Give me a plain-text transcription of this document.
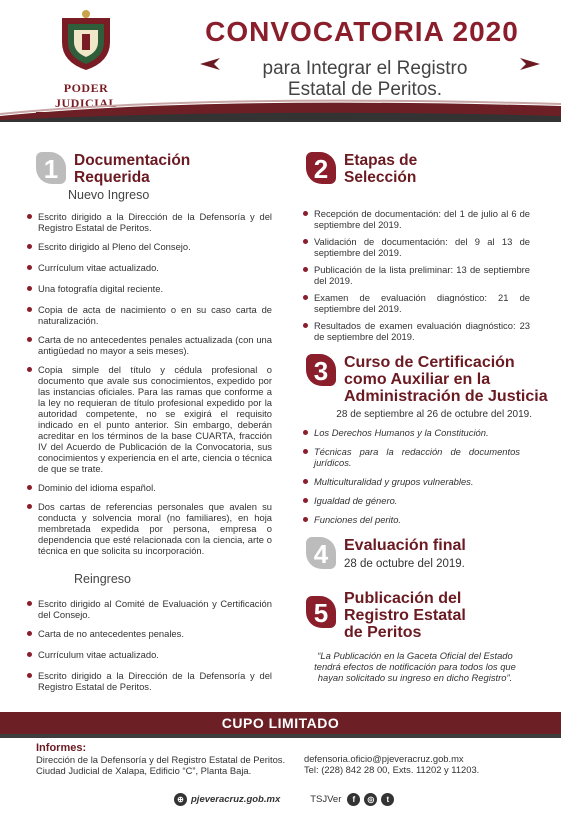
PODER JUDICIAL
CONVOCATORIA 2020
para Integrar el Registro
Estatal de Peritos.
1	Documentación
Requerida
Nuevo Ingreso
Escrito dirigido a la Dirección de la Defensoría y del Registro Estatal de Peritos.
Escrito dirigido al Pleno del Consejo.
Currículum vitae actualizado.
Una fotografía digital reciente.
Copia de acta de nacimiento o en su caso carta de naturalización.
Carta de no antecedentes penales actualizada (con una antigüedad no mayor a seis meses).
Copia simple del título y cédula profesional o documento que avale sus conocimientos, expedido por las instancias oficiales. Para las ramas que conforme a la ley no requieran de título profesional expedido por la autoridad competente, no se exigirá el requisito indicado en el punto anterior. Sin embargo, deberán acreditar en los términos de la base CUARTA, fracción IV del Acuerdo de Publicación de la Convocatoria, sus conocimientos y experiencia en el arte, ciencia o técnica de que se trate.
Dominio del idioma español.
Dos cartas de referencias personales que avalen su conducta y solvencia moral (no familiares), en hoja membretada expedida por persona, empresa o dependencia que esté relacionada con la ciencia, arte o técnica en que solicita su incorporación.
Reingreso
Escrito dirigido al Comité de Evaluación y Certificación del Consejo.
Carta de no antecedentes penales.
Currículum vitae actualizado.
Escrito dirigido a la Dirección de la Defensoría y del Registro Estatal de Peritos.
2	Etapas de
Selección
Recepción de documentación: del 1 de julio al 6 de septiembre del 2019.
Validación de documentación: del 9 al 13 de septiembre del 2019.
Publicación de la lista preliminar: 13 de septiembre del 2019.
Examen de evaluación diagnóstico: 21 de septiembre del 2019.
Resultados de examen evaluación diagnóstico: 23 de septiembre del 2019.
3 Curso de Certificación
como Auxiliar en la
Administración de Justicia
28 de septiembre al 26 de octubre del 2019.
Los Derechos Humanos y la Constitución.
Técnicas para la redacción de documentos jurídicos.
Multiculturalidad y grupos vulnerables.
Igualdad de género.
Funciones del perito.
4 Evaluación final
28 de octubre del 2019.
5 Publicación del
Registro Estatal
de Peritos
“La Publicación en la Gaceta Oficial del Estado tendrá efectos de notificación para todos los que hayan solicitado su ingreso en dicho Registro”.
CUPO LIMITADO
Informes:
Dirección de la Defensoría y del Registro Estatal de Peritos.
Ciudad Judicial de Xalapa, Edificio “C”, Planta Baja.
defensoria.oficio@pjeveracruz.gob.mx
Tel: (228) 842 28 00, Exts. 11202 y 11203.
⊕ pjeveracruz.gob.mx	TSJVer	f	◎	t
